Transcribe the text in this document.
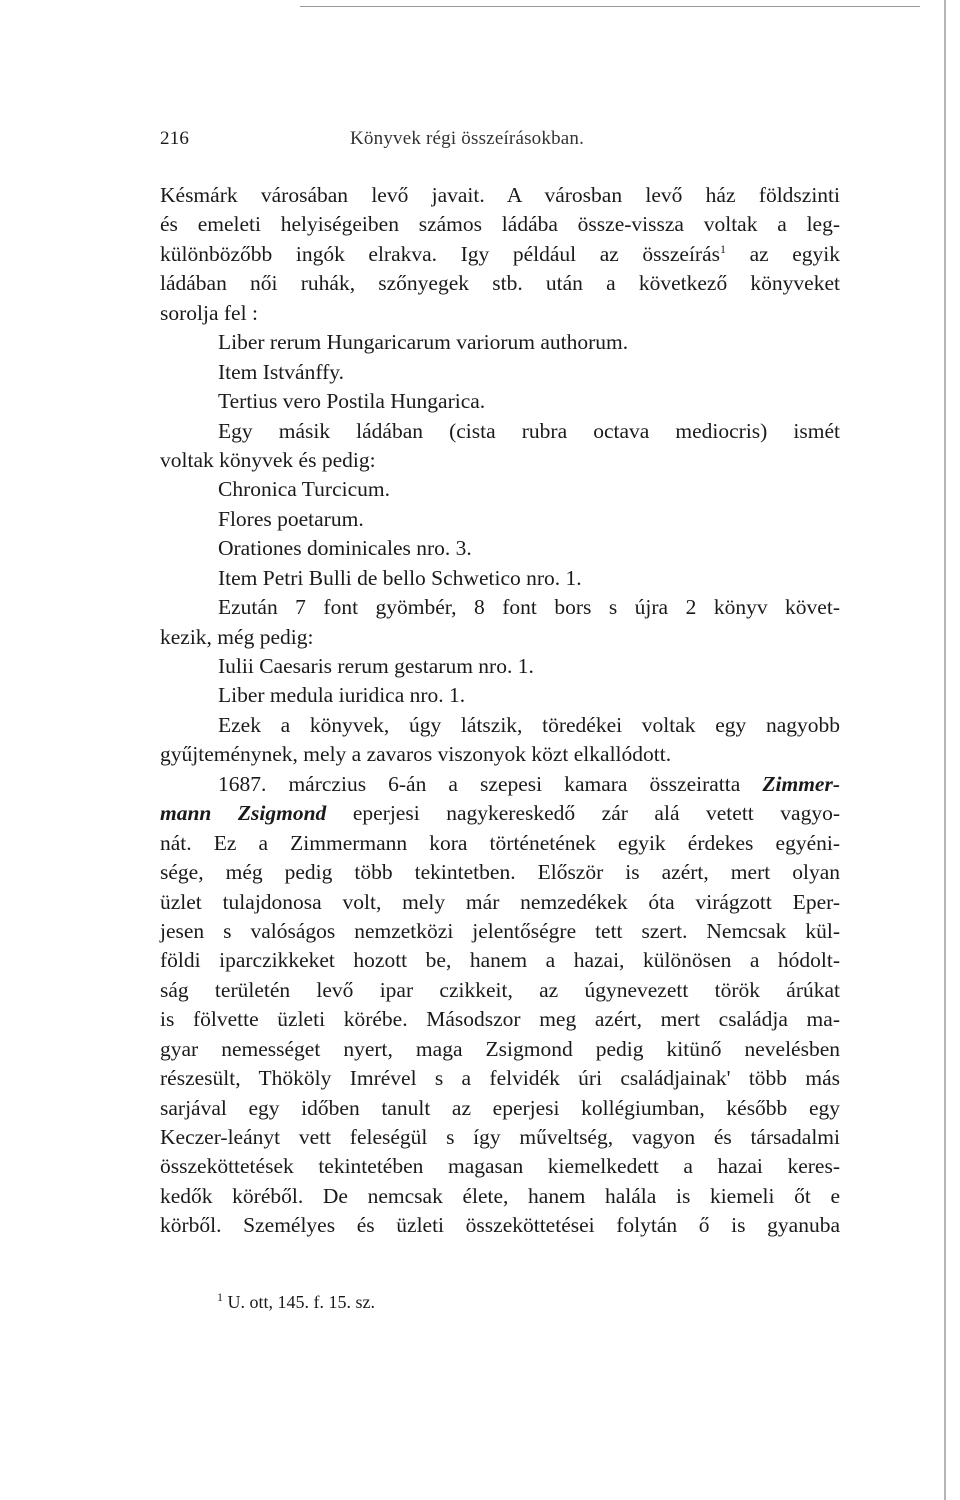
216	Könyvek régi összeírásokban.
Késmárk városában levő javait. A városban levő ház földszinti
és emeleti helyiségeiben számos ládába össze-vissza voltak a leg-
különbözőbb ingók elrakva. Igy például az összeírás$^1$ az egyik
ládában női ruhák, szőnyegek stb. után a következő könyveket
sorolja fel :
Liber rerum Hungaricarum variorum authorum.
Item Istvánffy.
Tertius vero Postila Hungarica.
Egy másik ládában (cista rubra octava mediocris) ismét
voltak könyvek és pedig:
Chronica Turcicum.
Flores poetarum.
Orationes dominicales nro. 3.
Item Petri Bulli de bello Schwetico nro. 1.
Ezután 7 font gyömbér, 8 font bors s újra 2 könyv követ-
kezik, még pedig:
Iulii Caesaris rerum gestarum nro. 1.
Liber medula iuridica nro. 1.
Ezek a könyvek, úgy látszik, töredékei voltak egy nagyobb
gyűjteménynek, mely a zavaros viszonyok közt elkallódott.
1687. márczius 6-án a szepesi kamara összeiratta Zimmer-
mann Zsigmond eperjesi nagykereskedő zár alá vetett vagyo-
nát. Ez a Zimmermann kora történetének egyik érdekes egyéni-
sége, még pedig több tekintetben. Először is azért, mert olyan
üzlet tulajdonosa volt, mely már nemzedékek óta virágzott Eper-
jesen s valóságos nemzetközi jelentőségre tett szert. Nemcsak kül-
földi iparczikkeket hozott be, hanem a hazai, különösen a hódolt-
ság területén levő ipar czikkeit, az úgynevezett török árúkat
is fölvette üzleti körébe. Másodszor meg azért, mert családja ma-
gyar nemességet nyert, maga Zsigmond pedig kitünő nevelésben
részesült, Thököly Imrével s a felvidék úri családjainak' több más
sarjával egy időben tanult az eperjesi kollégiumban, később egy
Keczer-leányt vett feleségül s így műveltség, vagyon és társadalmi
összeköttetések tekintetében magasan kiemelkedett a hazai keres-
kedők köréből. De nemcsak élete, hanem halála is kiemeli őt e
körből. Személyes és üzleti összeköttetései folytán ő is gyanuba
$^1$ U. ott, 145. f. 15. sz.
